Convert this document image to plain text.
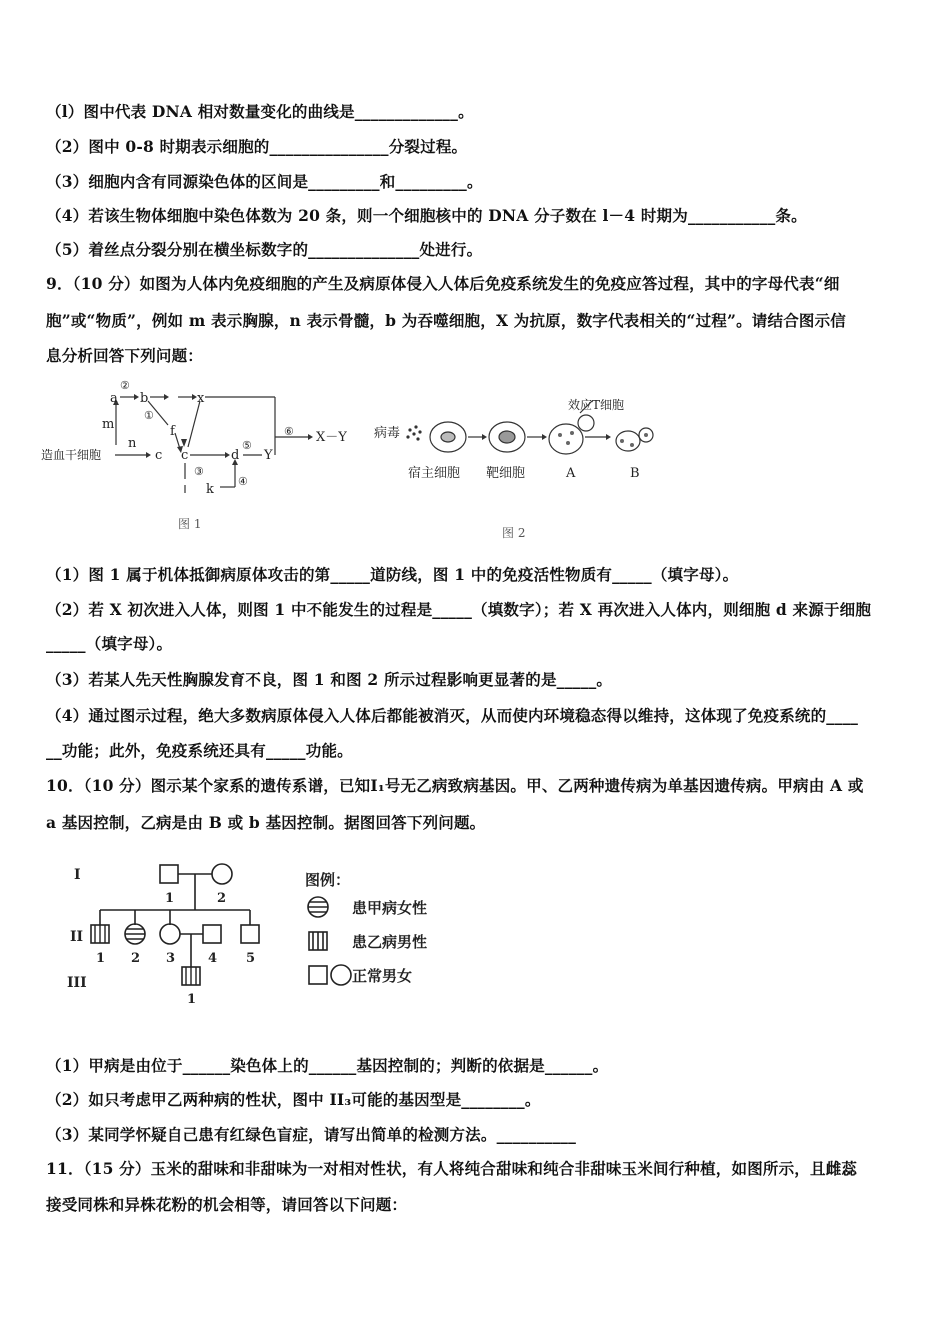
（l）图中代表 DNA 相对数量变化的曲线是_____________。
（2）图中 0-8 时期表示细胞的_______________分裂过程。
（3）细胞内含有同源染色体的区间是_________和_________。
（4）若该生物体细胞中染色体数为 20 条，则一个细胞核中的 DNA 分子数在 l－4 时期为___________条。
（5）着丝点分裂分别在横坐标数字的______________处进行。
9．（10 分）如图为人体内免疫细胞的产生及病原体侵入人体后免疫系统发生的免疫应答过程，其中的字母代表“细
胞”或“物质”，例如 m 表示胸腺，n 表示骨髓，b 为吞噬细胞，X 为抗原，数字代表相关的“过程”。请结合图示信
息分析回答下列问题：
a b	x
f
m
n
造血干细胞	c c	d Y
k
X－Y
②
①
③
④
⑤
⑥
图 1
病毒
效应T细胞
宿主细胞 靶细胞	A	B
图 2
（1）图 1 属于机体抵御病原体攻击的第_____道防线，图 1 中的免疫活性物质有_____（填字母）。
（2）若 X 初次进入人体，则图 1 中不能发生的过程是_____（填数字）；若 X 再次进入人体内，则细胞 d 来源于细胞
_____（填字母）。
（3）若某人先天性胸腺发育不良，图 1 和图 2 所示过程影响更显著的是_____。
（4）通过图示过程，绝大多数病原体侵入人体后都能被消灭，从而使内环境稳态得以维持，这体现了免疫系统的____
__功能；此外，免疫系统还具有_____功能。
10．（10 分）图示某个家系的遗传系谱，已知Ⅰ₁号无乙病致病基因。甲、乙两种遗传病为单基因遗传病。甲病由 A 或
a 基因控制，乙病是由 B 或 b 基因控制。据图回答下列问题。
I
II
III
1	2
1 2 3	4 5
1
图例：
患甲病女性
患乙病男性
正常男女
（1）甲病是由位于______染色体上的______基因控制的；判断的依据是______。
（2）如只考虑甲乙两种病的性状，图中 II₃可能的基因型是________。
（3）某同学怀疑自己患有红绿色盲症，请写出简单的检测方法。__________
11．（15 分）玉米的甜味和非甜味为一对相对性状，有人将纯合甜味和纯合非甜味玉米间行种植，如图所示，且雌蕊
接受同株和异株花粉的机会相等，请回答以下问题：
